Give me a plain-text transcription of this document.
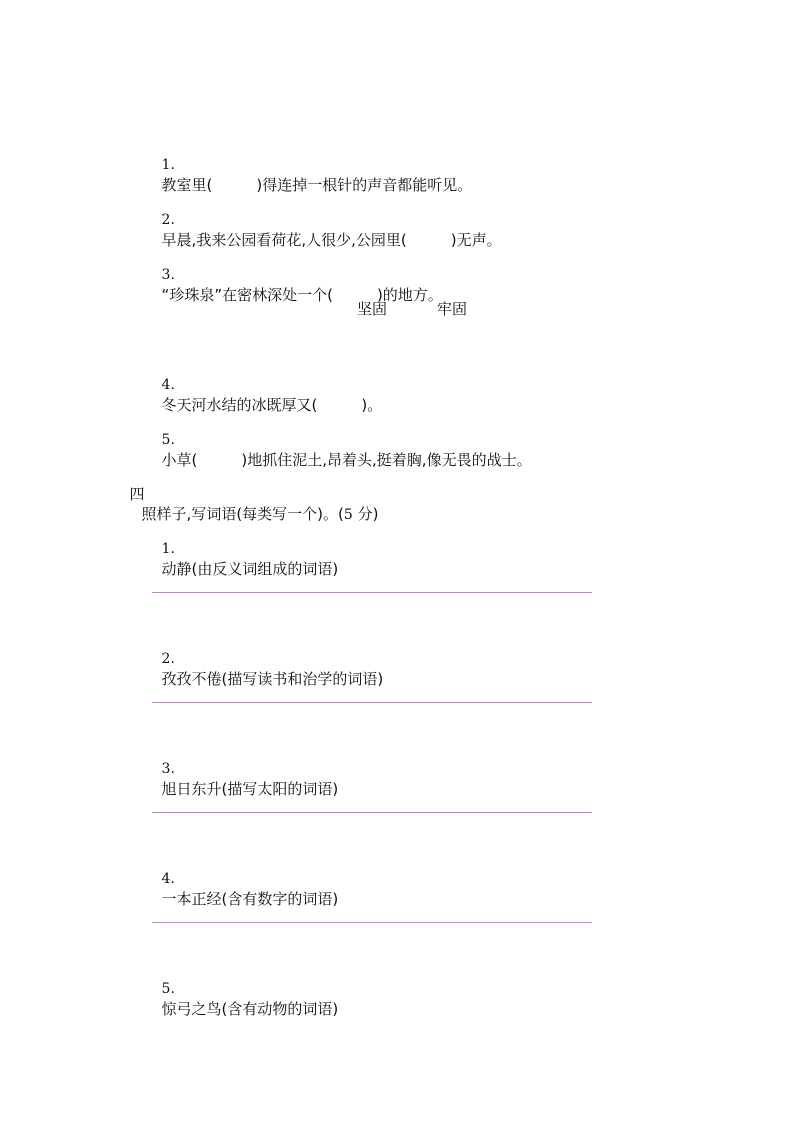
1.
教室里(	)得连掉一根针的声音都能听见。

2.
早晨,我来公园看荷花,人很少,公园里(	)无声。

3.
“珍珠泉”在密林深处一个(	)的地方。

坚固	牢固

4.
冬天河水结的冰既厚又(	)。

5.
小草(	)地抓住泥土,昂着头,挺着胸,像无畏的战士。

四
照样子,写词语(每类写一个)。(5 分)

1.
动静(由反义词组成的词语)

2.
孜孜不倦(描写读书和治学的词语)

3.
旭日东升(描写太阳的词语)

4.
一本正经(含有数字的词语)

5.
惊弓之鸟(含有动物的词语)
